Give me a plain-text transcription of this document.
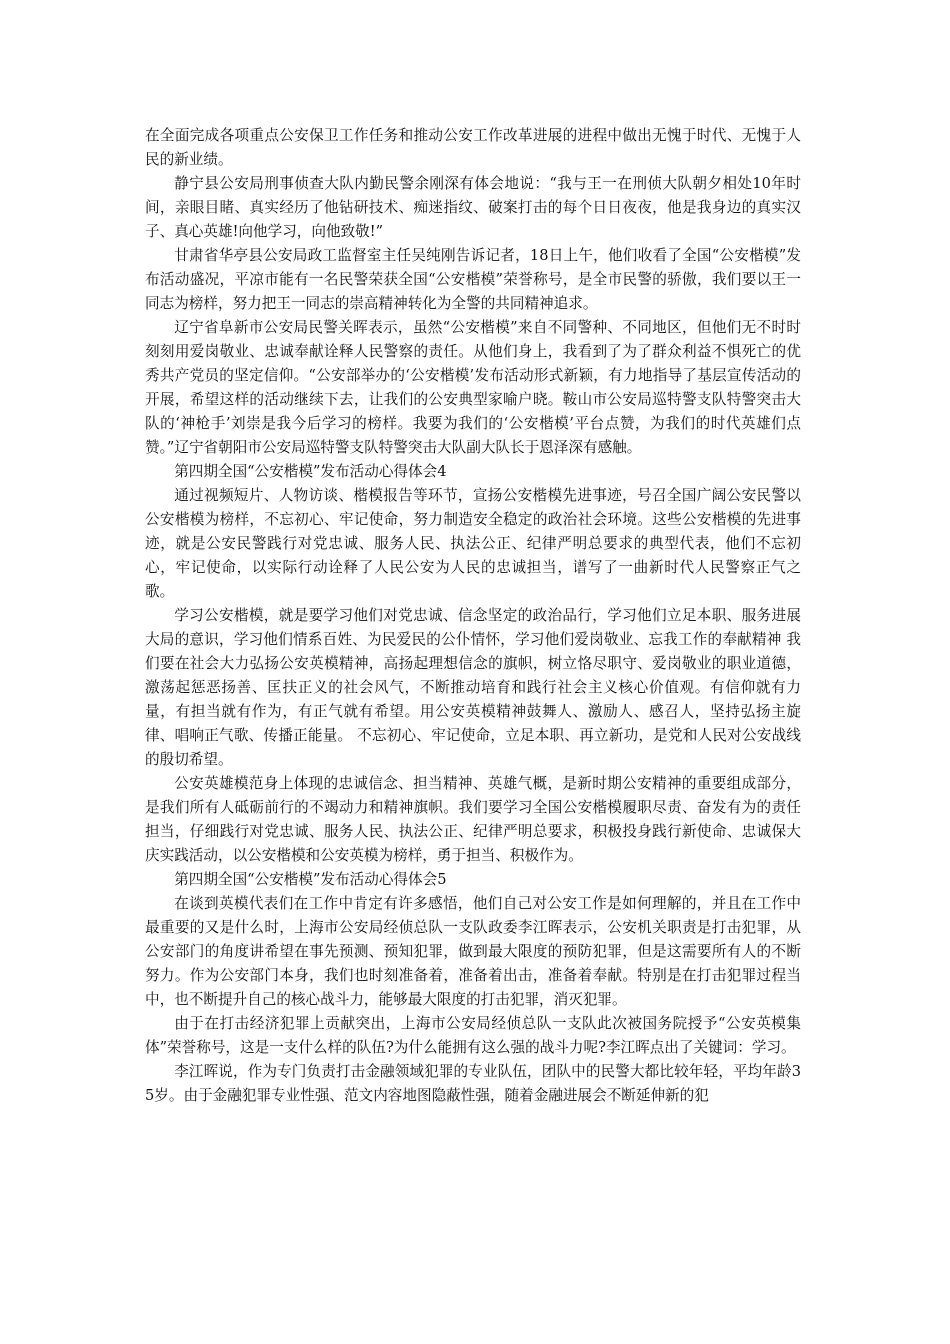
在全面完成各项重点公安保卫工作任务和推动公安工作改革进展的进程中做出无愧于时代、无愧于人民的新业绩。

静宁县公安局刑事侦查大队内勤民警余刚深有体会地说：“我与王一在刑侦大队朝夕相处10年时间，亲眼目睹、真实经历了他钻研技术、痴迷指纹、破案打击的每个日日夜夜，他是我身边的真实汉子、真心英雄!向他学习，向他致敬!”

甘肃省华亭县公安局政工监督室主任吴纯刚告诉记者，18日上午，他们收看了全国“公安楷模”发布活动盛况，平凉市能有一名民警荣获全国“公安楷模”荣誉称号，是全市民警的骄傲，我们要以王一同志为榜样，努力把王一同志的崇高精神转化为全警的共同精神追求。

辽宁省阜新市公安局民警关晖表示，虽然“公安楷模”来自不同警种、不同地区，但他们无不时时刻刻用爱岗敬业、忠诚奉献诠释人民警察的责任。从他们身上，我看到了为了群众利益不惧死亡的优秀共产党员的坚定信仰。“公安部举办的‘公安楷模’发布活动形式新颖，有力地指导了基层宣传活动的开展，希望这样的活动继续下去，让我们的公安典型家喻户晓。鞍山市公安局巡特警支队特警突击大队的‘神枪手’刘崇是我今后学习的榜样。我要为我们的‘公安楷模’平台点赞，为我们的时代英雄们点赞。”辽宁省朝阳市公安局巡特警支队特警突击大队副大队长于恩泽深有感触。

第四期全国“公安楷模”发布活动心得体会4

通过视频短片、人物访谈、楷模报告等环节，宣扬公安楷模先进事迹，号召全国广阔公安民警以公安楷模为榜样，不忘初心、牢记使命，努力制造安全稳定的政治社会环境。这些公安楷模的先进事迹，就是公安民警践行对党忠诚、服务人民、执法公正、纪律严明总要求的典型代表，他们不忘初心，牢记使命，以实际行动诠释了人民公安为人民的忠诚担当，谱写了一曲新时代人民警察正气之歌。

学习公安楷模，就是要学习他们对党忠诚、信念坚定的政治品行，学习他们立足本职、服务进展大局的意识，学习他们情系百姓、为民爱民的公仆情怀，学习他们爱岗敬业、忘我工作的奉献精神 我们要在社会大力弘扬公安英模精神，高扬起理想信念的旗帜，树立恪尽职守、爱岗敬业的职业道德，激荡起惩恶扬善、匡扶正义的社会风气，不断推动培育和践行社会主义核心价值观。有信仰就有力量，有担当就有作为，有正气就有希望。用公安英模精神鼓舞人、激励人、感召人，坚持弘扬主旋律、唱响正气歌、传播正能量。 不忘初心、牢记使命，立足本职、再立新功，是党和人民对公安战线的殷切希望。

公安英雄模范身上体现的忠诚信念、担当精神、英雄气概，是新时期公安精神的重要组成部分，是我们所有人砥砺前行的不竭动力和精神旗帜。我们要学习全国公安楷模履职尽责、奋发有为的责任担当，仔细践行对党忠诚、服务人民、执法公正、纪律严明总要求，积极投身践行新使命、忠诚保大庆实践活动，以公安楷模和公安英模为榜样，勇于担当、积极作为。

第四期全国“公安楷模”发布活动心得体会5

在谈到英模代表们在工作中肯定有许多感悟，他们自己对公安工作是如何理解的，并且在工作中最重要的又是什么时，上海市公安局经侦总队一支队政委李江晖表示，公安机关职责是打击犯罪，从公安部门的角度讲希望在事先预测、预知犯罪，做到最大限度的预防犯罪，但是这需要所有人的不断努力。作为公安部门本身，我们也时刻准备着，准备着出击，准备着奉献。特别是在打击犯罪过程当中，也不断提升自己的核心战斗力，能够最大限度的打击犯罪，消灭犯罪。

由于在打击经济犯罪上贡献突出，上海市公安局经侦总队一支队此次被国务院授予“公安英模集体”荣誉称号，这是一支什么样的队伍?为什么能拥有这么强的战斗力呢?李江晖点出了关键词：学习。

李江晖说，作为专门负责打击金融领域犯罪的专业队伍，团队中的民警大都比较年轻，平均年龄35岁。由于金融犯罪专业性强、范文内容地图隐蔽性强，随着金融进展会不断延伸新的犯
